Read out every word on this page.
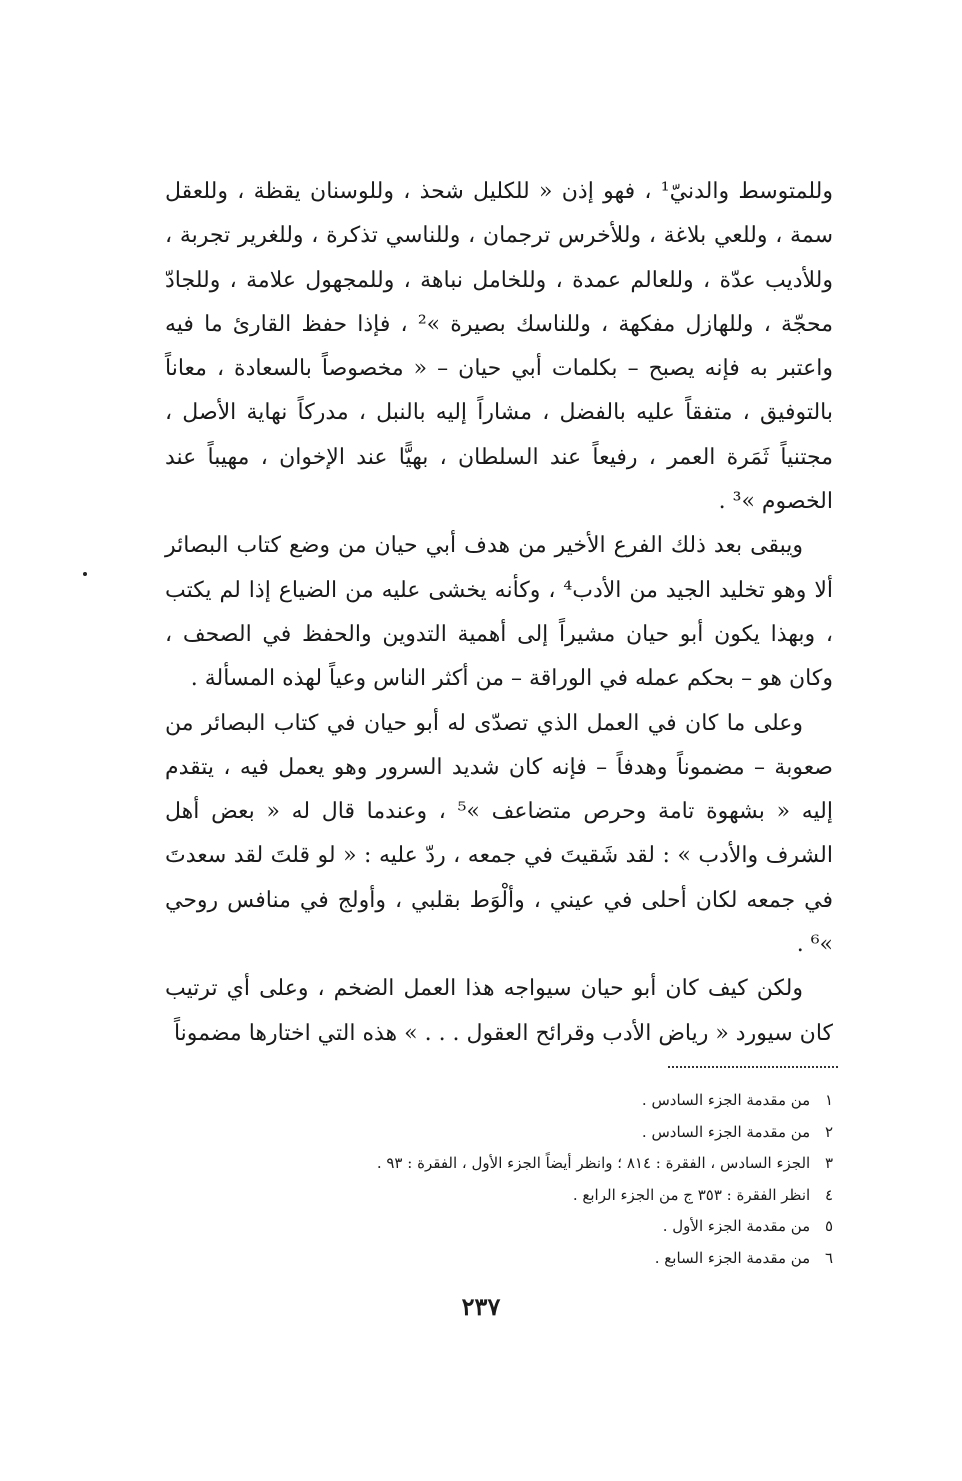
وللمتوسط والدنيّ¹ ، فهو إذن « للكليل شحذ ، وللوسنان يقظة ، وللعقل سمة ، وللعي بلاغة ، وللأخرس ترجمان ، وللناسي تذكرة ، وللغرير تجربة ، وللأديب عدّة ، وللعالم عمدة ، وللخامل نباهة ، وللمجهول علامة ، وللجادّ محجّة ، وللهازل مفكهة ، وللناسك بصيرة »² ، فإذا حفظ القارئ ما فيه واعتبر به فإنه يصبح – بكلمات أبي حيان – « مخصوصاً بالسعادة ، معاناً بالتوفيق ، متفقاً عليه بالفضل ، مشاراً إليه بالنبل ، مدركاً نهاية الأصل ، مجتنياً ثَمَرة العمر ، رفيعاً عند السلطان ، بهيًّا عند الإخوان ، مهيباً عند الخصوم »³ .

ويبقى بعد ذلك الفرع الأخير من هدف أبي حيان من وضع كتاب البصائر ألا وهو تخليد الجيد من الأدب⁴ ، وكأنه يخشى عليه من الضياع إذا لم يكتب ، وبهذا يكون أبو حيان مشيراً إلى أهمية التدوين والحفظ في الصحف ، وكان هو – بحكم عمله في الوراقة – من أكثر الناس وعياً لهذه المسألة .

وعلى ما كان في العمل الذي تصدّى له أبو حيان في كتاب البصائر من صعوبة – مضموناً وهدفاً – فإنه كان شديد السرور وهو يعمل فيه ، يتقدم إليه « بشهوة تامة وحرص متضاعف »⁵ ، وعندما قال له « بعض أهل الشرف والأدب » : لقد شَقيتَ في جمعه ، ردّ عليه : « لو قلتَ لقد سعدتَ في جمعه لكان أحلى في عيني ، وألْوَط بقلبي ، وأولج في منافس روحي »⁶ .

ولكن كيف كان أبو حيان سيواجه هذا العمل الضخم ، وعلى أي ترتيب كان سيورد « رياض الأدب وقرائح العقول . . . » هذه التي اختارها مضموناً

١ من مقدمة الجزء السادس .
٢ من مقدمة الجزء السادس .
٣ الجزء السادس ، الفقرة : ٨١٤ ؛ وانظر أيضاً الجزء الأول ، الفقرة : ٩٣ .
٤ انظر الفقرة : ٣٥٣ ج من الجزء الرابع .
٥ من مقدمة الجزء الأول .
٦ من مقدمة الجزء السابع .
٢٣٧
